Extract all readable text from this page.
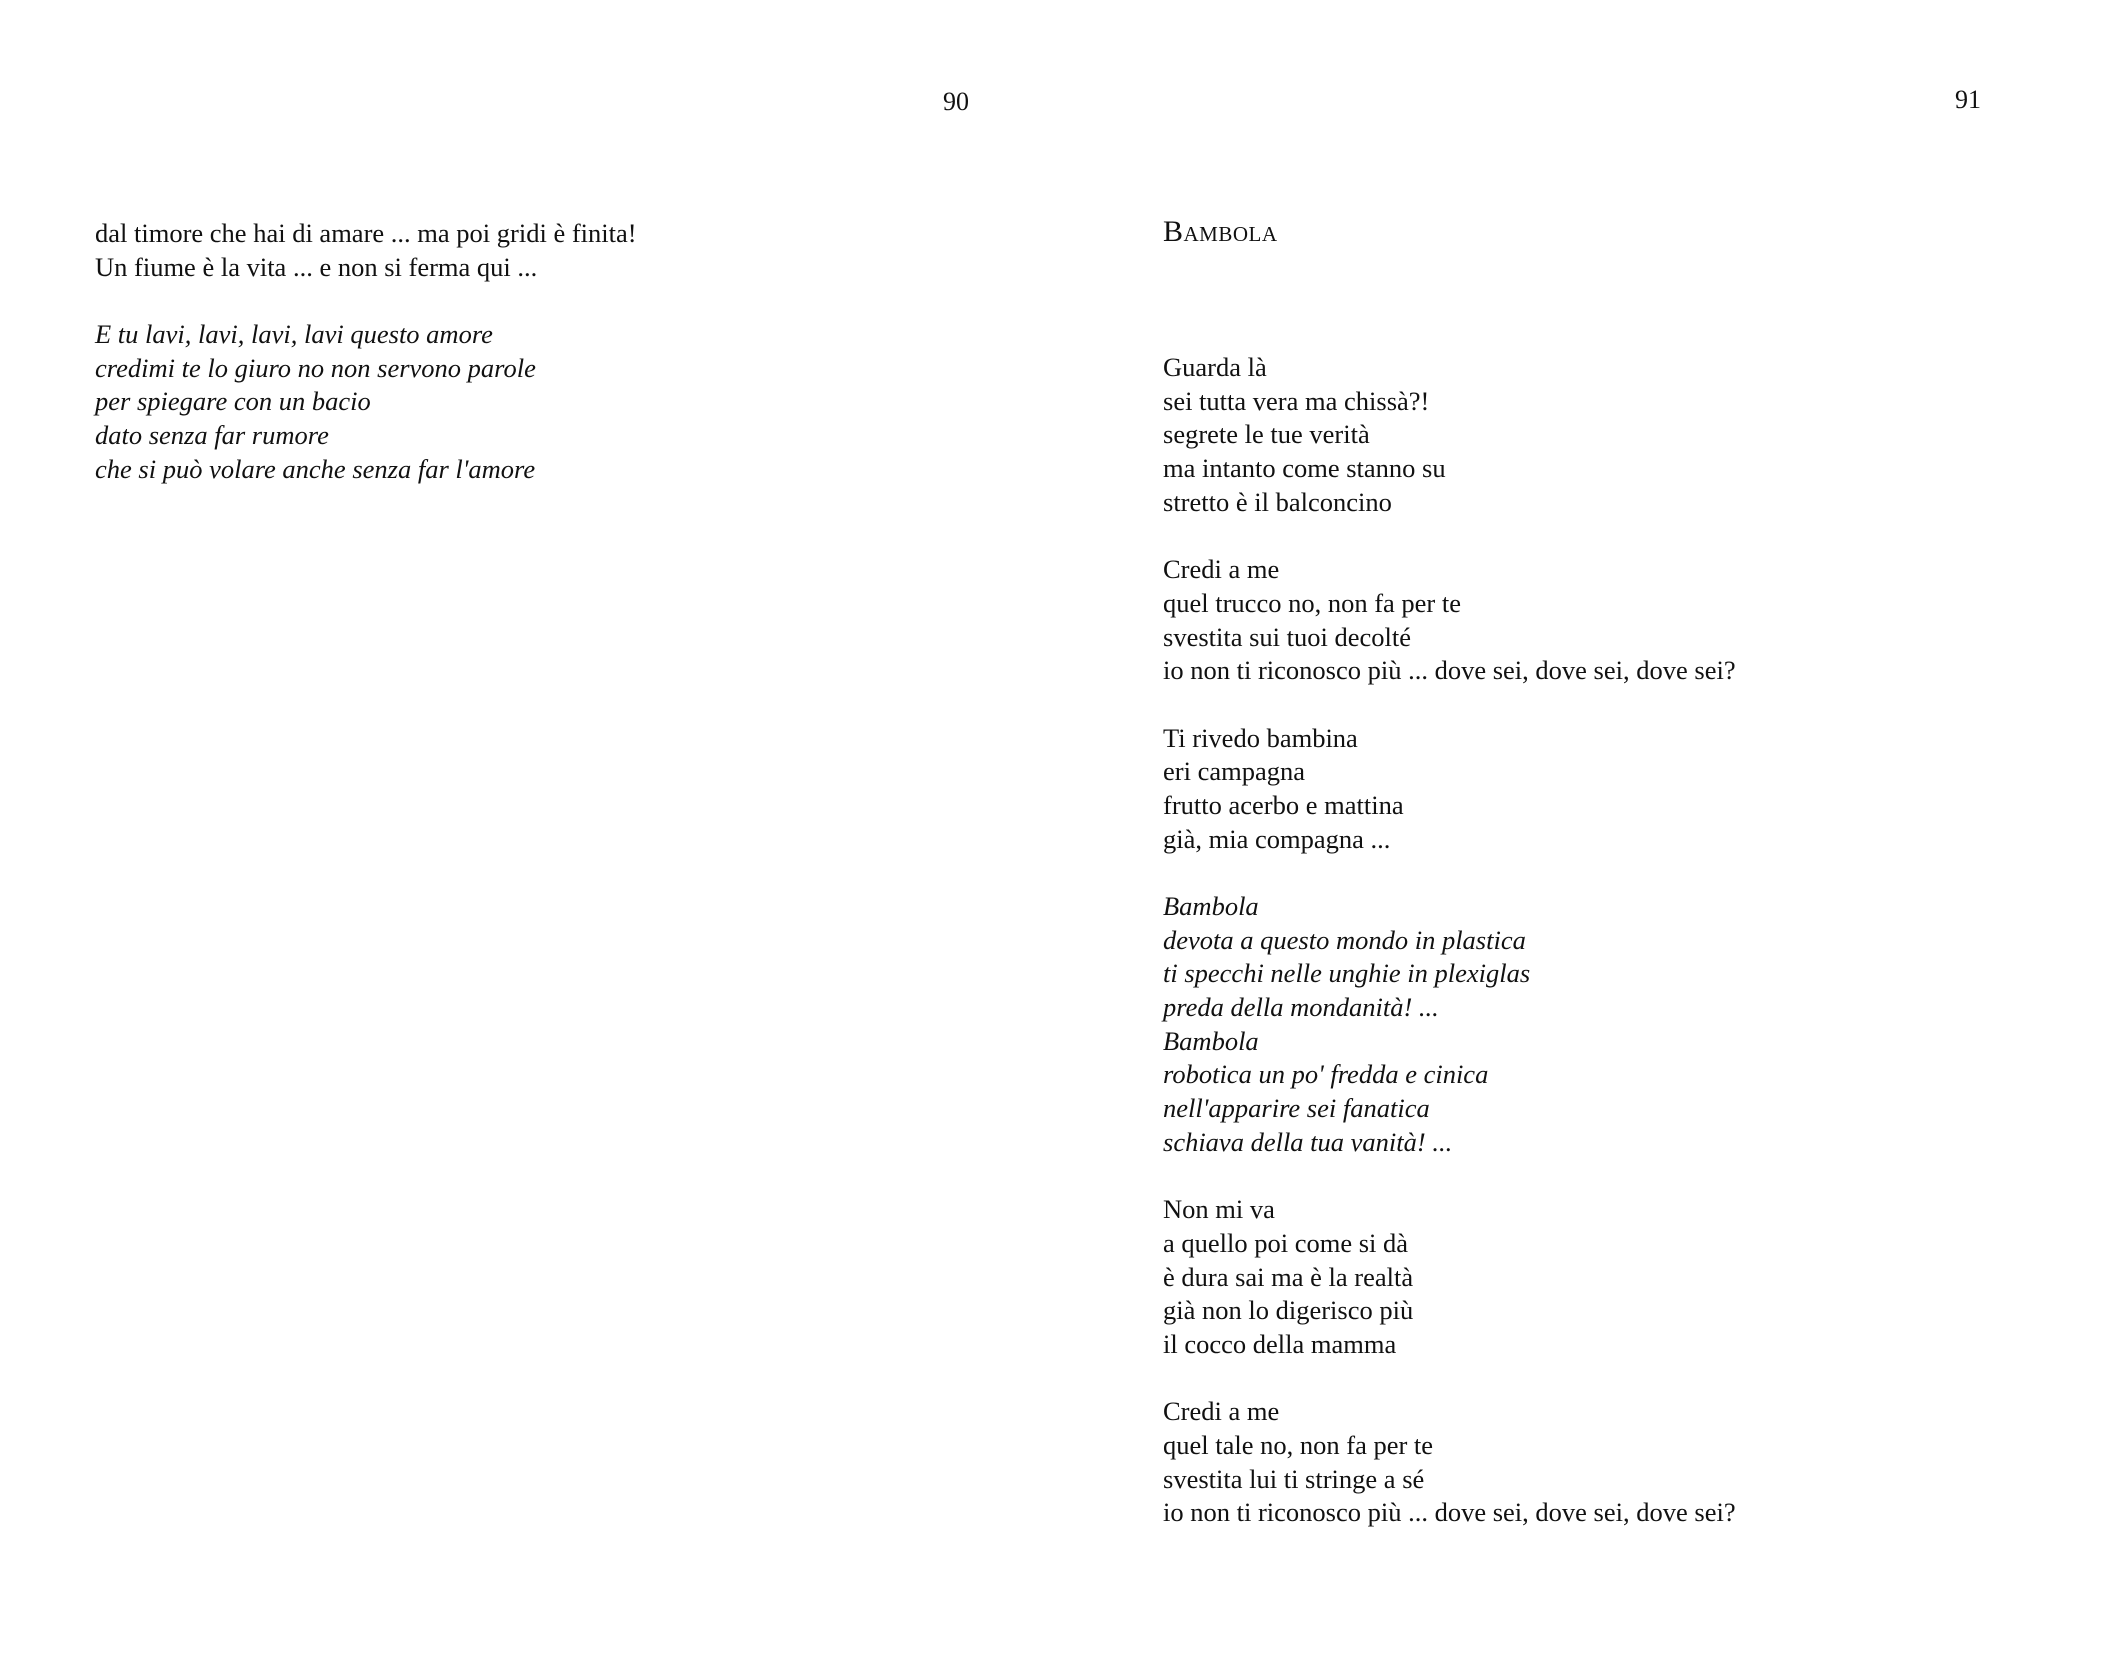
90	91
Bambola
dal timore che hai di amare ... ma poi gridi è finita!
Un fiume è la vita ... e non si ferma qui ...
E tu lavi, lavi, lavi, lavi questo amore
credimi te lo giuro no non servono parole
per spiegare con un bacio
dato senza far rumore
che si può volare anche senza far l'amore
Guarda là
sei tutta vera ma chissà?!
segrete le tue verità
ma intanto come stanno su
stretto è il balconcino
Credi a me
quel trucco no, non fa per te
svestita sui tuoi decolté
io non ti riconosco più ... dove sei, dove sei, dove sei?
Ti rivedo bambina
eri campagna
frutto acerbo e mattina
già, mia compagna ...
Bambola
devota a questo mondo in plastica
ti specchi nelle unghie in plexiglas
preda della mondanità! ...
Bambola
robotica un po' fredda e cinica
nell'apparire sei fanatica
schiava della tua vanità! ...
Non mi va
a quello poi come si dà
è dura sai ma è la realtà
già non lo digerisco più
il cocco della mamma
Credi a me
quel tale no, non fa per te
svestita lui ti stringe a sé
io non ti riconosco più ... dove sei, dove sei, dove sei?
